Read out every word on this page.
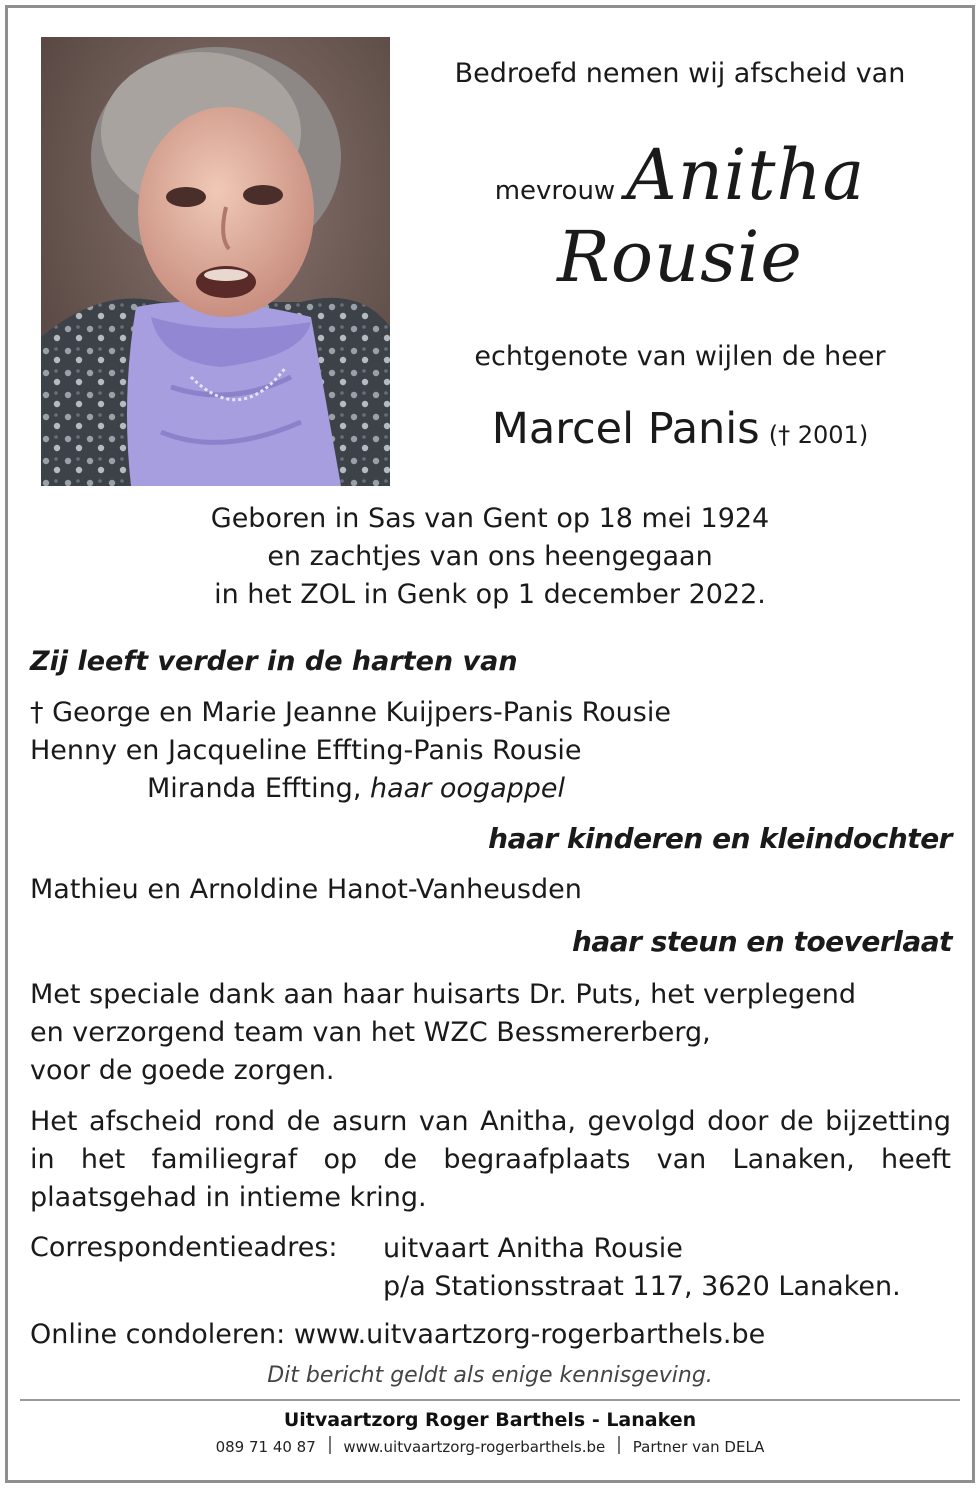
Bedroefd nemen wij afscheid van
mevrouw Anitha
Rousie
echtgenote van wijlen de heer
Marcel Panis († 2001)
Geboren in Sas van Gent op 18 mei 1924
en zachtjes van ons heengegaan
in het ZOL in Genk op 1 december 2022.
Zij leeft verder in de harten van
† George en Marie Jeanne Kuijpers-Panis Rousie
Henny en Jacqueline Effting-Panis Rousie
Miranda Effting, haar oogappel
haar kinderen en kleindochter
Mathieu en Arnoldine Hanot-Vanheusden
haar steun en toeverlaat
Met speciale dank aan haar huisarts Dr. Puts, het verplegend
en verzorgend team van het WZC Bessmererberg,
voor de goede zorgen.
Het afscheid rond de asurn van Anitha, gevolgd door de bijzetting in het familiegraf op de begraafplaats van Lanaken, heeft plaatsgehad in intieme kring.
Correspondentieadres: uitvaart Anitha Rousie
p/a Stationsstraat 117, 3620 Lanaken.
Online condoleren: www.uitvaartzorg-rogerbarthels.be
Dit bericht geldt als enige kennisgeving.
Uitvaartzorg Roger Barthels - Lanaken
089 71 40 87 www.uitvaartzorg-rogerbarthels.be Partner van DELA
